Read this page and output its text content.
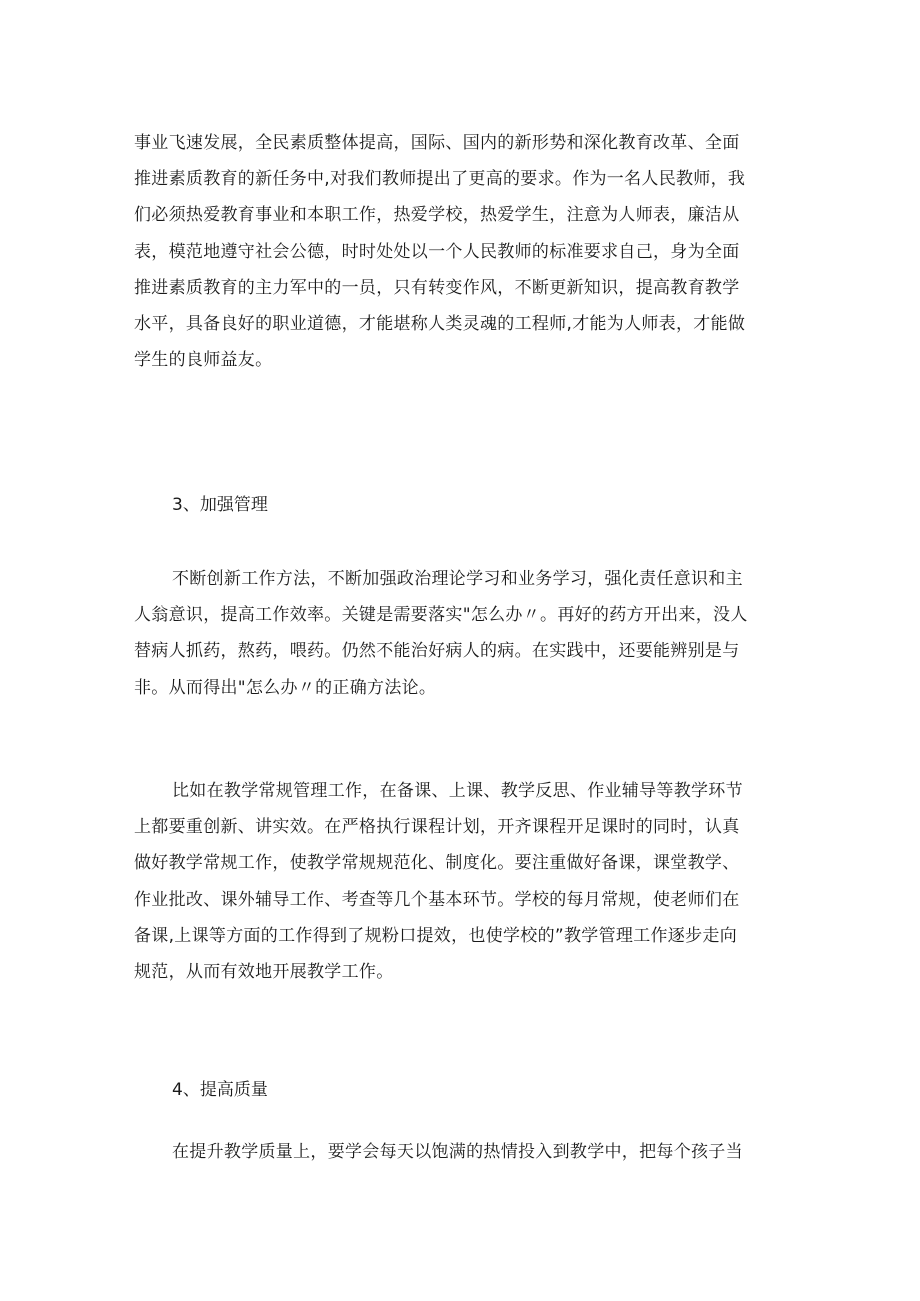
事业飞速发展，全民素质整体提高，国际、国内的新形势和深化教育改革、全面
推进素质教育的新任务中,对我们教师提出了更高的要求。作为一名人民教师，我
们必须热爱教育事业和本职工作，热爱学校，热爱学生，注意为人师表，廉洁从
表，模范地遵守社会公德，时时处处以一个人民教师的标准要求自己，身为全面
推进素质教育的主力军中的一员，只有转变作风，不断更新知识，提高教育教学
水平，具备良好的职业道德，才能堪称人类灵魂的工程师,才能为人师表，才能做
学生的良师益友。
3、加强管理
不断创新工作方法，不断加强政治理论学习和业务学习，强化责任意识和主
人翁意识，提高工作效率。关键是需要落实"怎么办〃。再好的药方开出来，没人
替病人抓药，熬药，喂药。仍然不能治好病人的病。在实践中，还要能辨别是与
非。从而得出"怎么办〃的正确方法论。
比如在教学常规管理工作，在备课、上课、教学反思、作业辅导等教学环节
上都要重创新、讲实效。在严格执行课程计划，开齐课程开足课时的同时，认真
做好教学常规工作，使教学常规规范化、制度化。要注重做好备课，课堂教学、
作业批改、课外辅导工作、考查等几个基本环节。学校的每月常规，使老师们在
备课,上课等方面的工作得到了规粉口提效，也使学校的”教学管理工作逐步走向
规范，从而有效地开展教学工作。
4、提高质量
在提升教学质量上，要学会每天以饱满的热情投入到教学中，把每个孩子当
